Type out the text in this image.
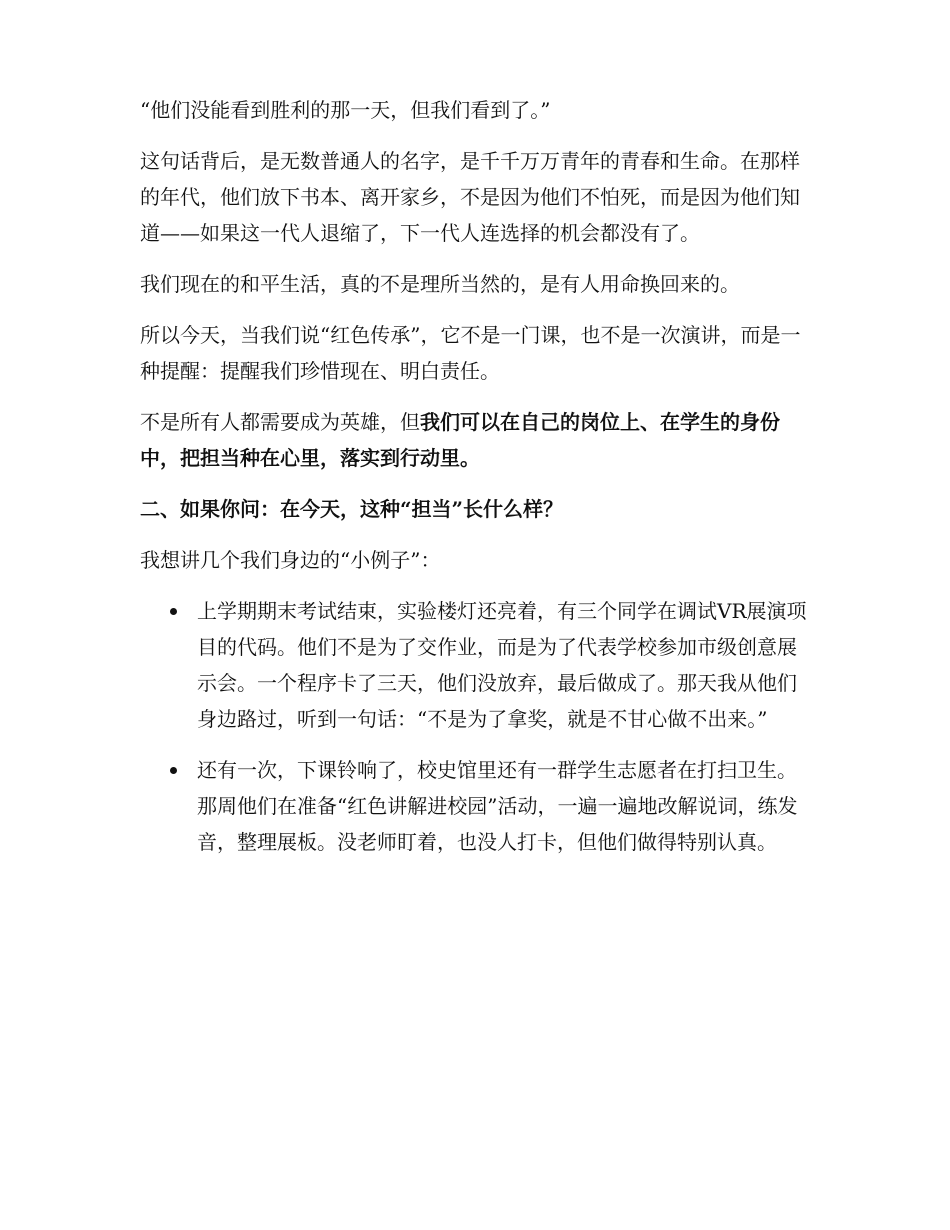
“他们没能看到胜利的那一天，但我们看到了。”

这句话背后，是无数普通人的名字，是千千万万青年的青春和生命。在那样的年代，他们放下书本、离开家乡，不是因为他们不怕死，而是因为他们知道——如果这一代人退缩了，下一代人连选择的机会都没有了。

我们现在的和平生活，真的不是理所当然的，是有人用命换回来的。

所以今天，当我们说“红色传承”，它不是一门课，也不是一次演讲，而是一种提醒：提醒我们珍惜现在、明白责任。

不是所有人都需要成为英雄，但我们可以在自己的岗位上、在学生的身份中，把担当种在心里，落实到行动里。

二、如果你问：在今天，这种“担当”长什么样？

我想讲几个我们身边的“小例子”：

上学期期末考试结束，实验楼灯还亮着，有三个同学在调试VR展演项目的代码。他们不是为了交作业，而是为了代表学校参加市级创意展示会。一个程序卡了三天，他们没放弃，最后做成了。那天我从他们身边路过，听到一句话：“不是为了拿奖，就是不甘心做不出来。”
还有一次，下课铃响了，校史馆里还有一群学生志愿者在打扫卫生。那周他们在准备“红色讲解进校园”活动，一遍一遍地改解说词，练发音，整理展板。没老师盯着，也没人打卡，但他们做得特别认真。
